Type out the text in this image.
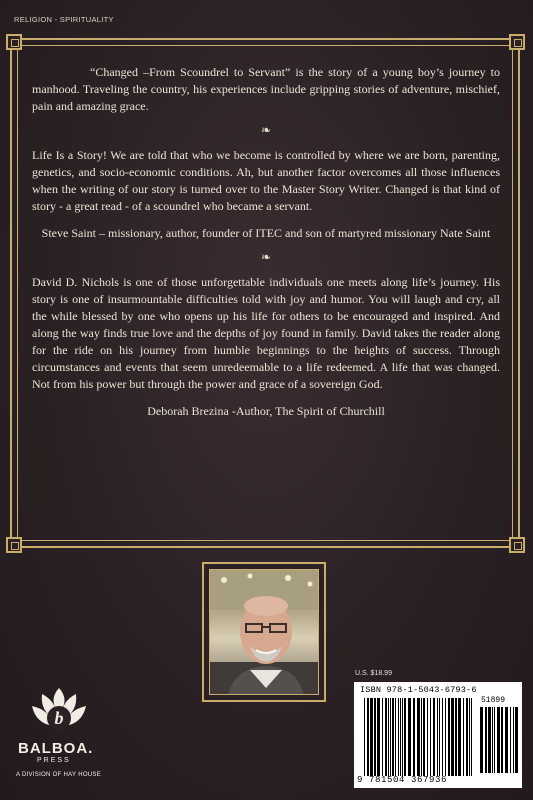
RELIGION - SPIRITUALITY

“Changed –From Scoundrel to Servant” is the story of a young boy’s journey to manhood. Traveling the country, his experiences include gripping stories of adventure, mischief, pain and amazing grace.

❧

Life Is a Story! We are told that who we become is controlled by where we are born, parenting, genetics, and socio-economic conditions. Ah, but another factor overcomes all those influences when the writing of our story is turned over to the Master Story Writer. Changed is that kind of story - a great read - of a scoundrel who became a servant.

Steve Saint – missionary, author, founder of ITEC and son of martyred missionary Nate Saint

❧

David D. Nichols is one of those unforgettable individuals one meets along life’s journey. His story is one of insurmountable difficulties told with joy and humor. You will laugh and cry, all the while blessed by one who opens up his life for others to be encouraged and inspired. And along the way finds true love and the depths of joy found in family. David takes the reader along for the ride on his journey from humble beginnings to the heights of success. Through circumstances and events that seem unredeemable to a life redeemed. A life that was changed. Not from his power but through the power and grace of a sovereign God.

Deborah Brezina -Author, The Spirit of Churchill

b
BALBOA.
PRESS
A DIVISION OF HAY HOUSE
U.S. $18.99
ISBN 978-1-5043-6793-6
9 781504 367936
51899
